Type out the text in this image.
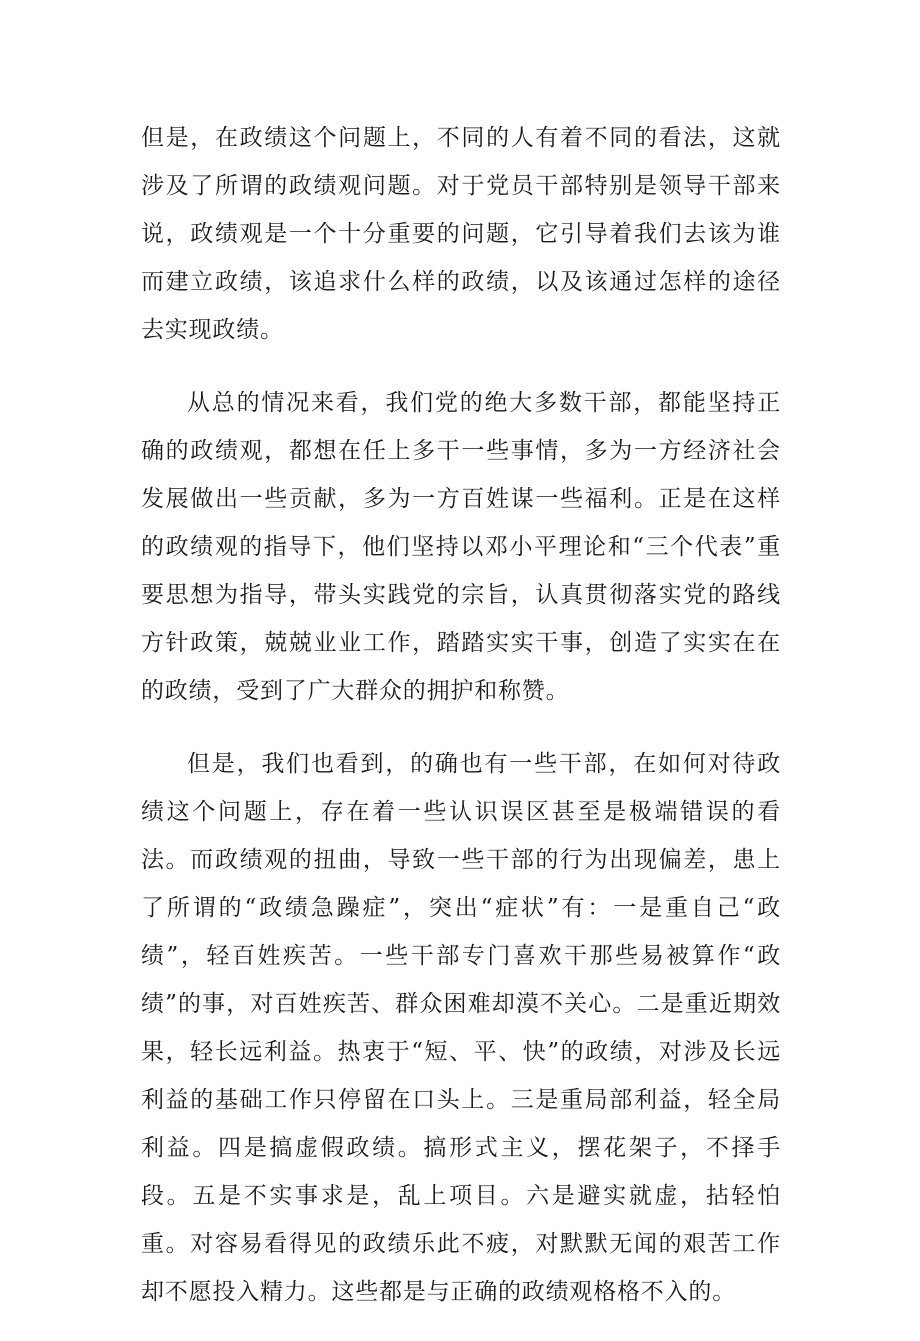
但是，在政绩这个问题上，不同的人有着不同的看法，这就涉及了所谓的政绩观问题。对于党员干部特别是领导干部来说，政绩观是一个十分重要的问题，它引导着我们去该为谁而建立政绩，该追求什么样的政绩，以及该通过怎样的途径去实现政绩。

从总的情况来看，我们党的绝大多数干部，都能坚持正确的政绩观，都想在任上多干一些事情，多为一方经济社会发展做出一些贡献，多为一方百姓谋一些福利。正是在这样的政绩观的指导下，他们坚持以邓小平理论和“三个代表”重要思想为指导，带头实践党的宗旨，认真贯彻落实党的路线方针政策，兢兢业业工作，踏踏实实干事，创造了实实在在的政绩，受到了广大群众的拥护和称赞。

但是，我们也看到，的确也有一些干部，在如何对待政绩这个问题上，存在着一些认识误区甚至是极端错误的看法。而政绩观的扭曲，导致一些干部的行为出现偏差，患上了所谓的“政绩急躁症”，突出“症状”有：一是重自己“政绩”，轻百姓疾苦。一些干部专门喜欢干那些易被算作“政绩”的事，对百姓疾苦、群众困难却漠不关心。二是重近期效果，轻长远利益。热衷于“短、平、快”的政绩，对涉及长远利益的基础工作只停留在口头上。三是重局部利益，轻全局利益。四是搞虚假政绩。搞形式主义，摆花架子，不择手段。五是不实事求是，乱上项目。六是避实就虚，拈轻怕重。对容易看得见的政绩乐此不疲，对默默无闻的艰苦工作却不愿投入精力。这些都是与正确的政绩观格格不入的。
